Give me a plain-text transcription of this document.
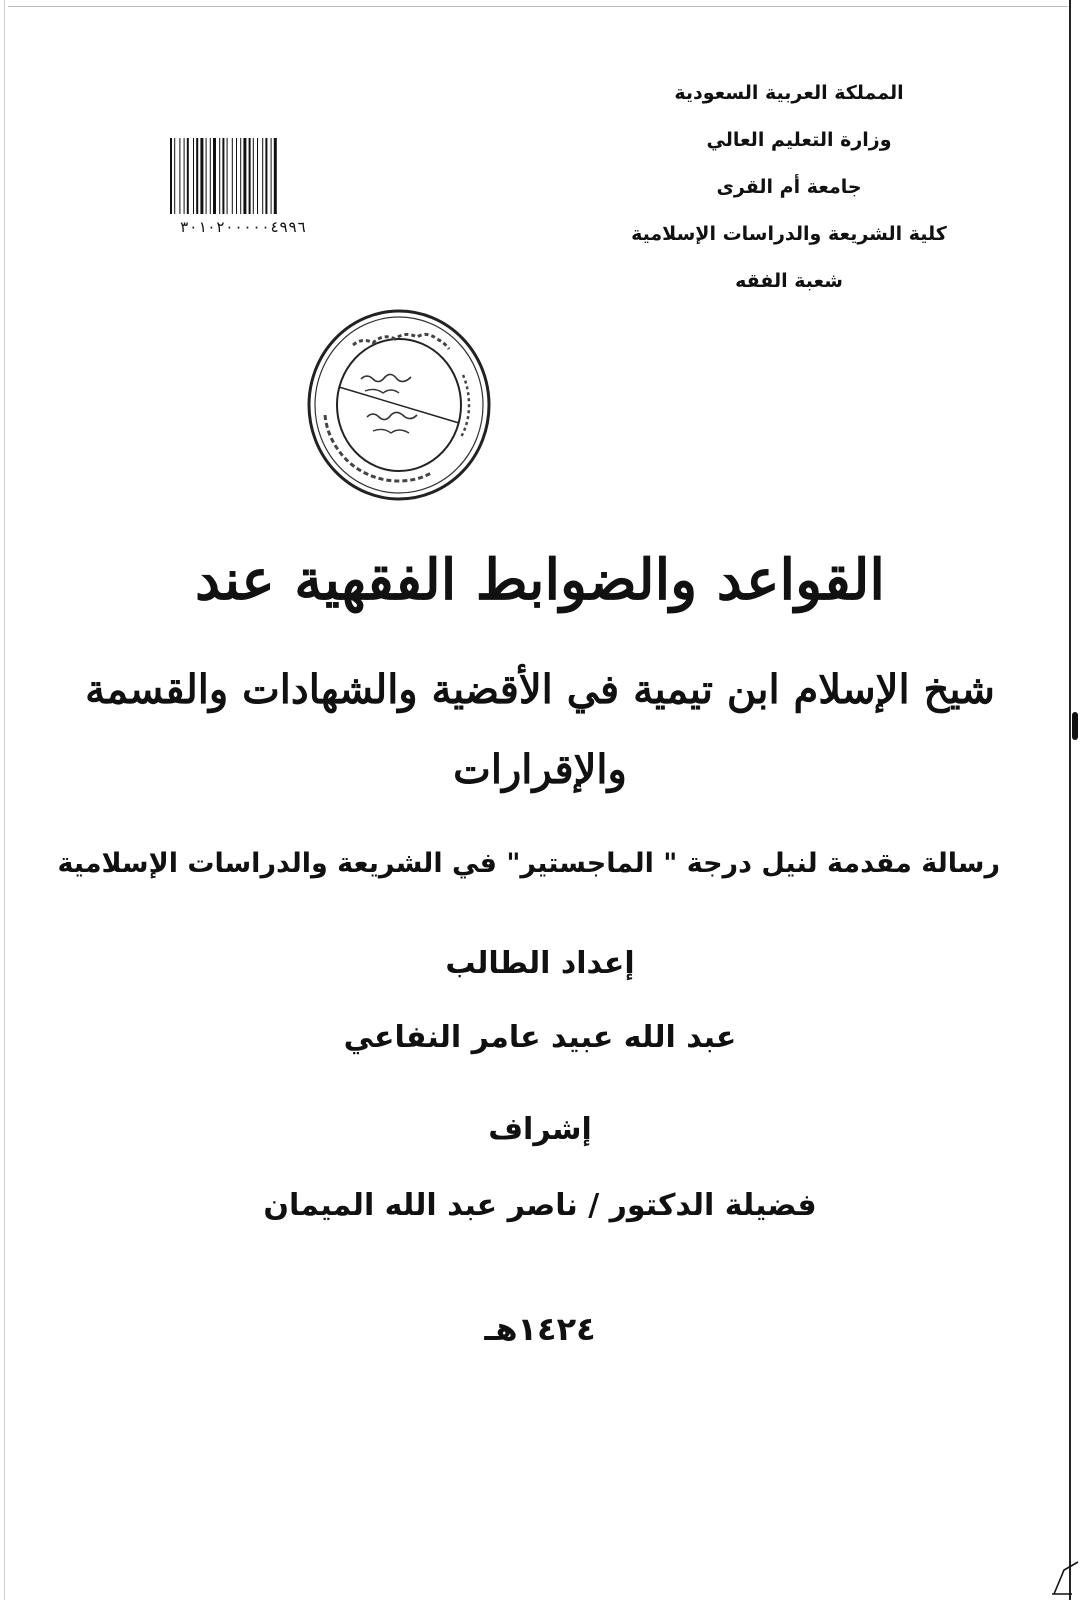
المملكة العربية السعودية
وزارة التعليم العالي
جامعة أم القرى
كلية الشريعة والدراسات الإسلامية
شعبة الفقه
٣٠١٠٢٠٠٠٠٠٤٩٩٦
القواعد والضوابط الفقهية عند
شيخ الإسلام ابن تيمية في الأقضية والشهادات والقسمة
والإقرارات
رسالة مقدمة لنيل درجة " الماجستير" في الشريعة والدراسات الإسلامية
إعداد الطالب
عبد الله عبيد عامر النفاعي
إشراف
فضيلة الدكتور / ناصر عبد الله الميمان
١٤٢٤هـ
